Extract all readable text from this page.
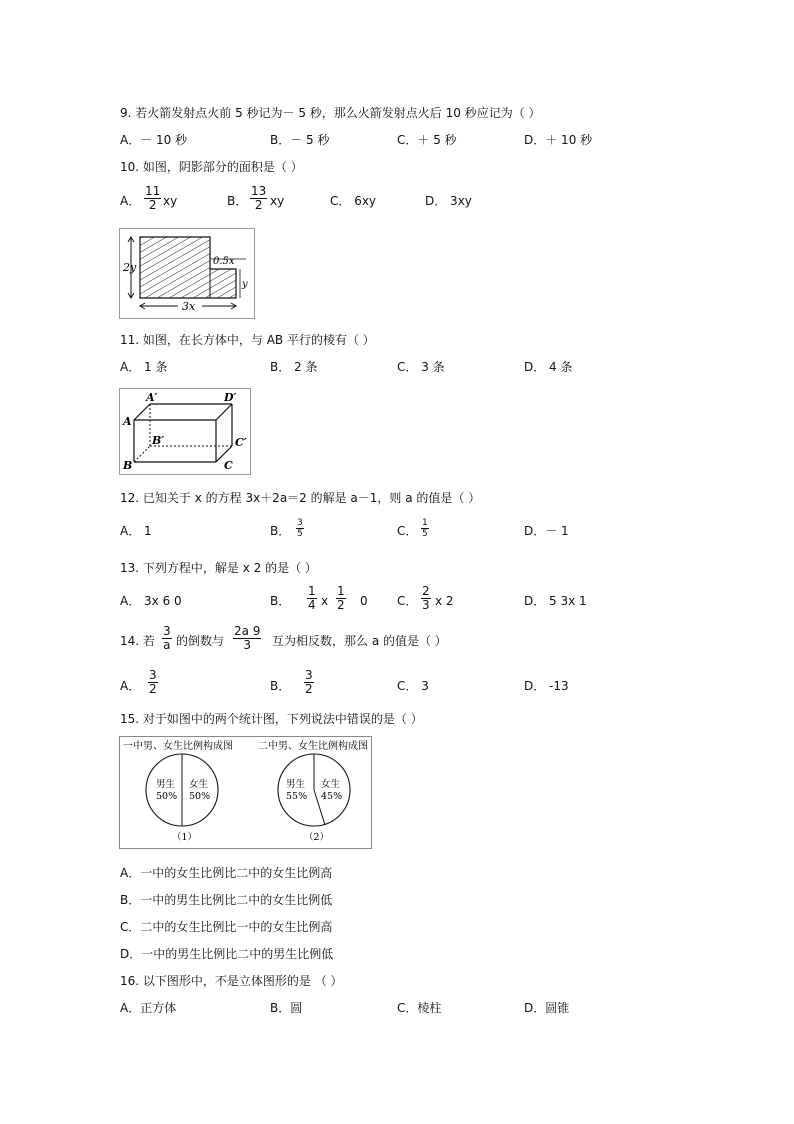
9. 若火箭发射点火前 5 秒记为－ 5 秒，那么火箭发射点火后 10 秒应记为（ ）
A．－ 10 秒	B．－ 5 秒	C．＋ 5 秒	D．＋ 10 秒
10. 如图，阴影部分的面积是（ ）
A． $\frac{11}{2}$ xy	B． $\frac{13}{2}$ xy	C． 6xy	D． 3xy
2y
3x
0.5x
y
11. 如图，在长方体中，与 AB 平行的棱有（ ）
A． 1 条	B． 2 条	C． 3 条	D． 4 条
A′	D′
A
B′	C′
B	C
12. 已知关于 x 的方程 3x＋2a＝2 的解是 a－1，则 a 的值是（ ）
A． 1	B． $\frac{3}{5}$	C． $\frac{1}{5}$	D．－ 1
13. 下列方程中，解是 x 2 的是（ ）
A． 3x 6 0	B． $\frac{1}{4}$ x $\frac{1}{2} 0$ C． $\frac{2}{3}$ x 2	D． 5 3x 1
14. 若 $\frac{3}{a}$ 的倒数与 $\frac{2a 9}{3}$ 互为相反数，那么 a 的值是（ ）
A． $\frac{3}{2}$	B． $\frac{3}{2}$	C． 3	D． -13
15. 对于如图中的两个统计图，下列说法中错误的是（ ）
一中男、女生比例构成图
男生
50%
女生
50%
（1）
二中男、女生比例构成图
男生
55%
女生
45%
（2）
A．一中的女生比例比二中的女生比例高
B．一中的男生比例比二中的女生比例低
C．二中的女生比例比一中的女生比例高
D．一中的男生比例比二中的男生比例低
16. 以下图形中，不是立体图形的是 （ ）
A．正方体	B．圆	C．棱柱	D．圆锥
